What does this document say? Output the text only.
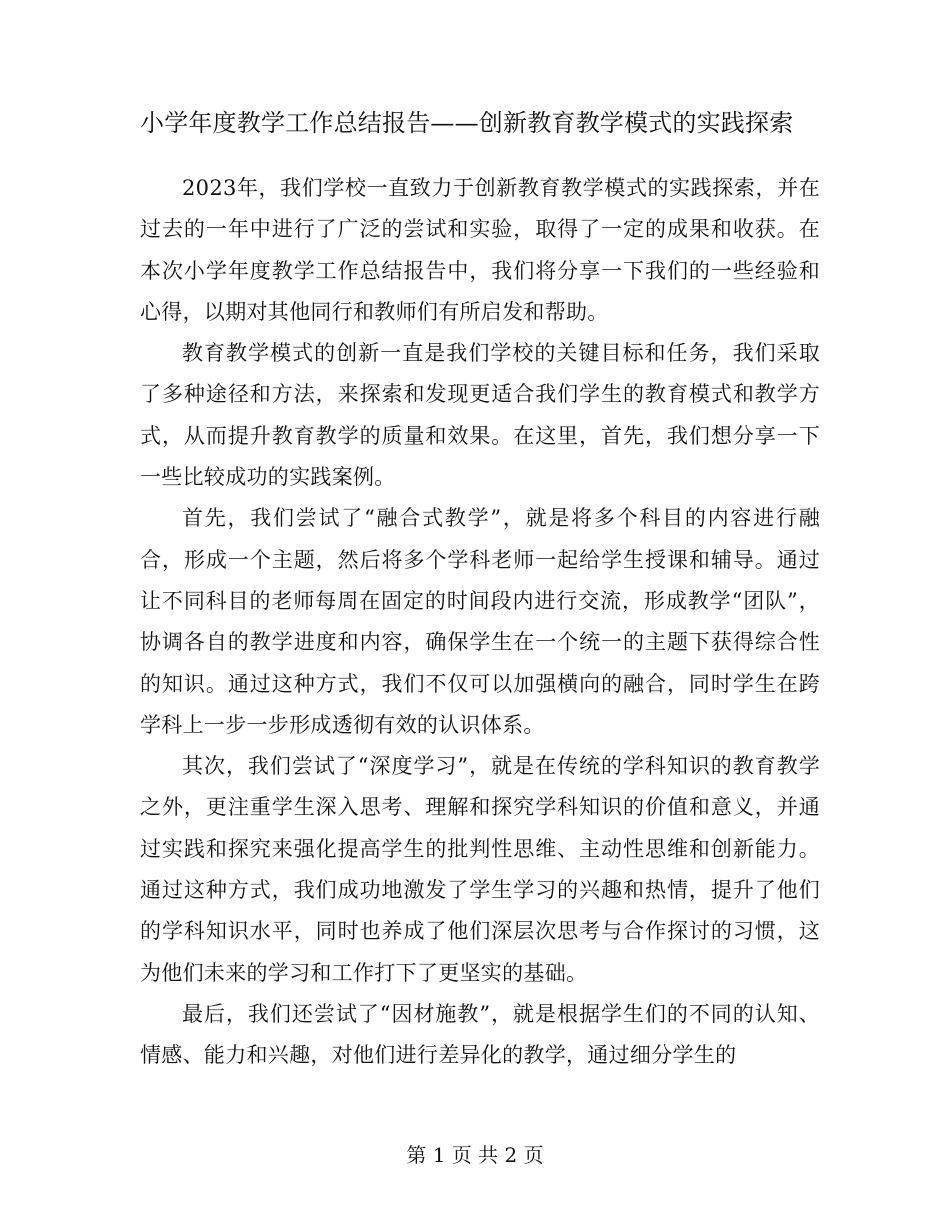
小学年度教学工作总结报告——创新教育教学模式的实践探索

2023年，我们学校一直致力于创新教育教学模式的实践探索，并在过去的一年中进行了广泛的尝试和实验，取得了一定的成果和收获。在本次小学年度教学工作总结报告中，我们将分享一下我们的一些经验和心得，以期对其他同行和教师们有所启发和帮助。

教育教学模式的创新一直是我们学校的关键目标和任务，我们采取了多种途径和方法，来探索和发现更适合我们学生的教育模式和教学方式，从而提升教育教学的质量和效果。在这里，首先，我们想分享一下一些比较成功的实践案例。

首先，我们尝试了“融合式教学”，就是将多个科目的内容进行融合，形成一个主题，然后将多个学科老师一起给学生授课和辅导。通过让不同科目的老师每周在固定的时间段内进行交流，形成教学“团队”，协调各自的教学进度和内容，确保学生在一个统一的主题下获得综合性的知识。通过这种方式，我们不仅可以加强横向的融合，同时学生在跨学科上一步一步形成透彻有效的认识体系。

其次，我们尝试了“深度学习”，就是在传统的学科知识的教育教学之外，更注重学生深入思考、理解和探究学科知识的价值和意义，并通过实践和探究来强化提高学生的批判性思维、主动性思维和创新能力。通过这种方式，我们成功地激发了学生学习的兴趣和热情，提升了他们的学科知识水平，同时也养成了他们深层次思考与合作探讨的习惯，这为他们未来的学习和工作打下了更坚实的基础。

最后，我们还尝试了“因材施教”，就是根据学生们的不同的认知、情感、能力和兴趣，对他们进行差异化的教学，通过细分学生的

第 1 页 共 2 页
